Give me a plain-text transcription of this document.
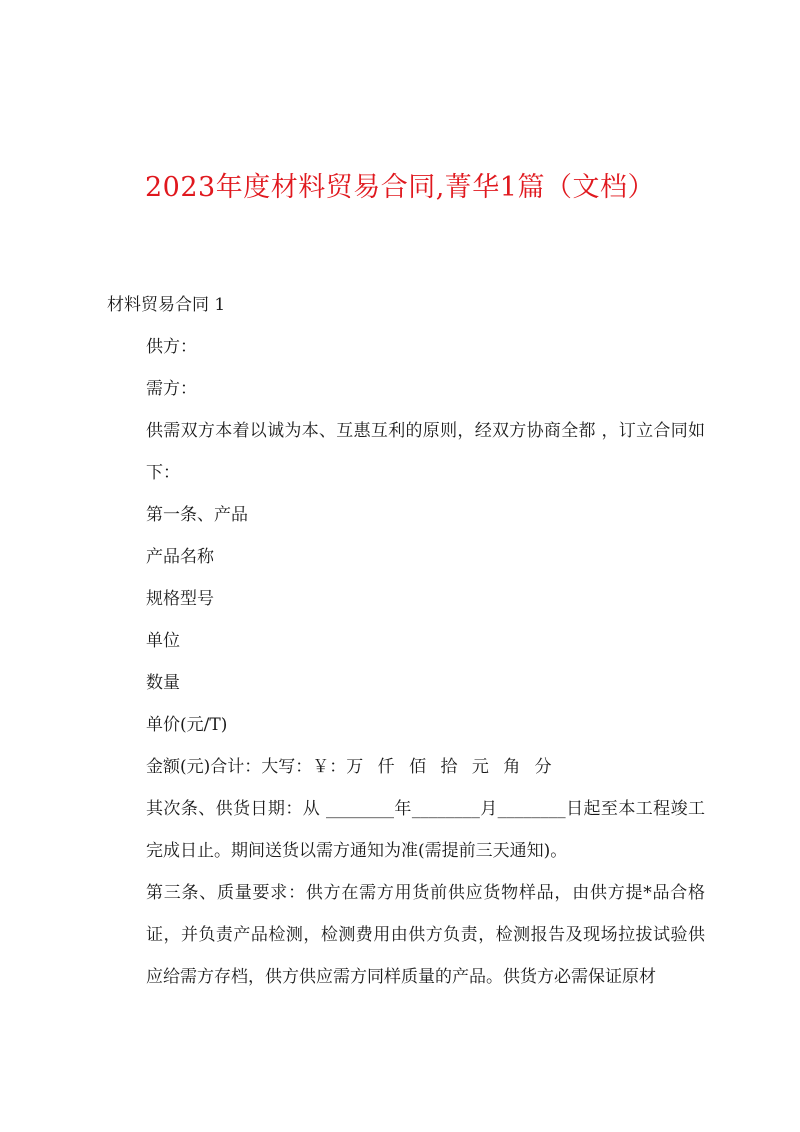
2023年度材料贸易合同,菁华1篇（文档）

材料贸易合同 1

供方：

需方：

供需双方本着以诚为本、互惠互利的原则，经双方协商全都 ，订立合同如下：

第一条、产品

产品名称

规格型号

单位

数量

单价(元/T)

金额(元)合计：大写：￥：万 仟 佰 拾 元 角 分

其次条、供货日期：从 ________年________月________日起至本工程竣工完成日止。期间送货以需方通知为准(需提前三天通知)。

第三条、质量要求：供方在需方用货前供应货物样品，由供方提*品合格证，并负责产品检测，检测费用由供方负责，检测报告及现场拉拔试验供应给需方存档，供方供应需方同样质量的产品。供货方必需保证原材
